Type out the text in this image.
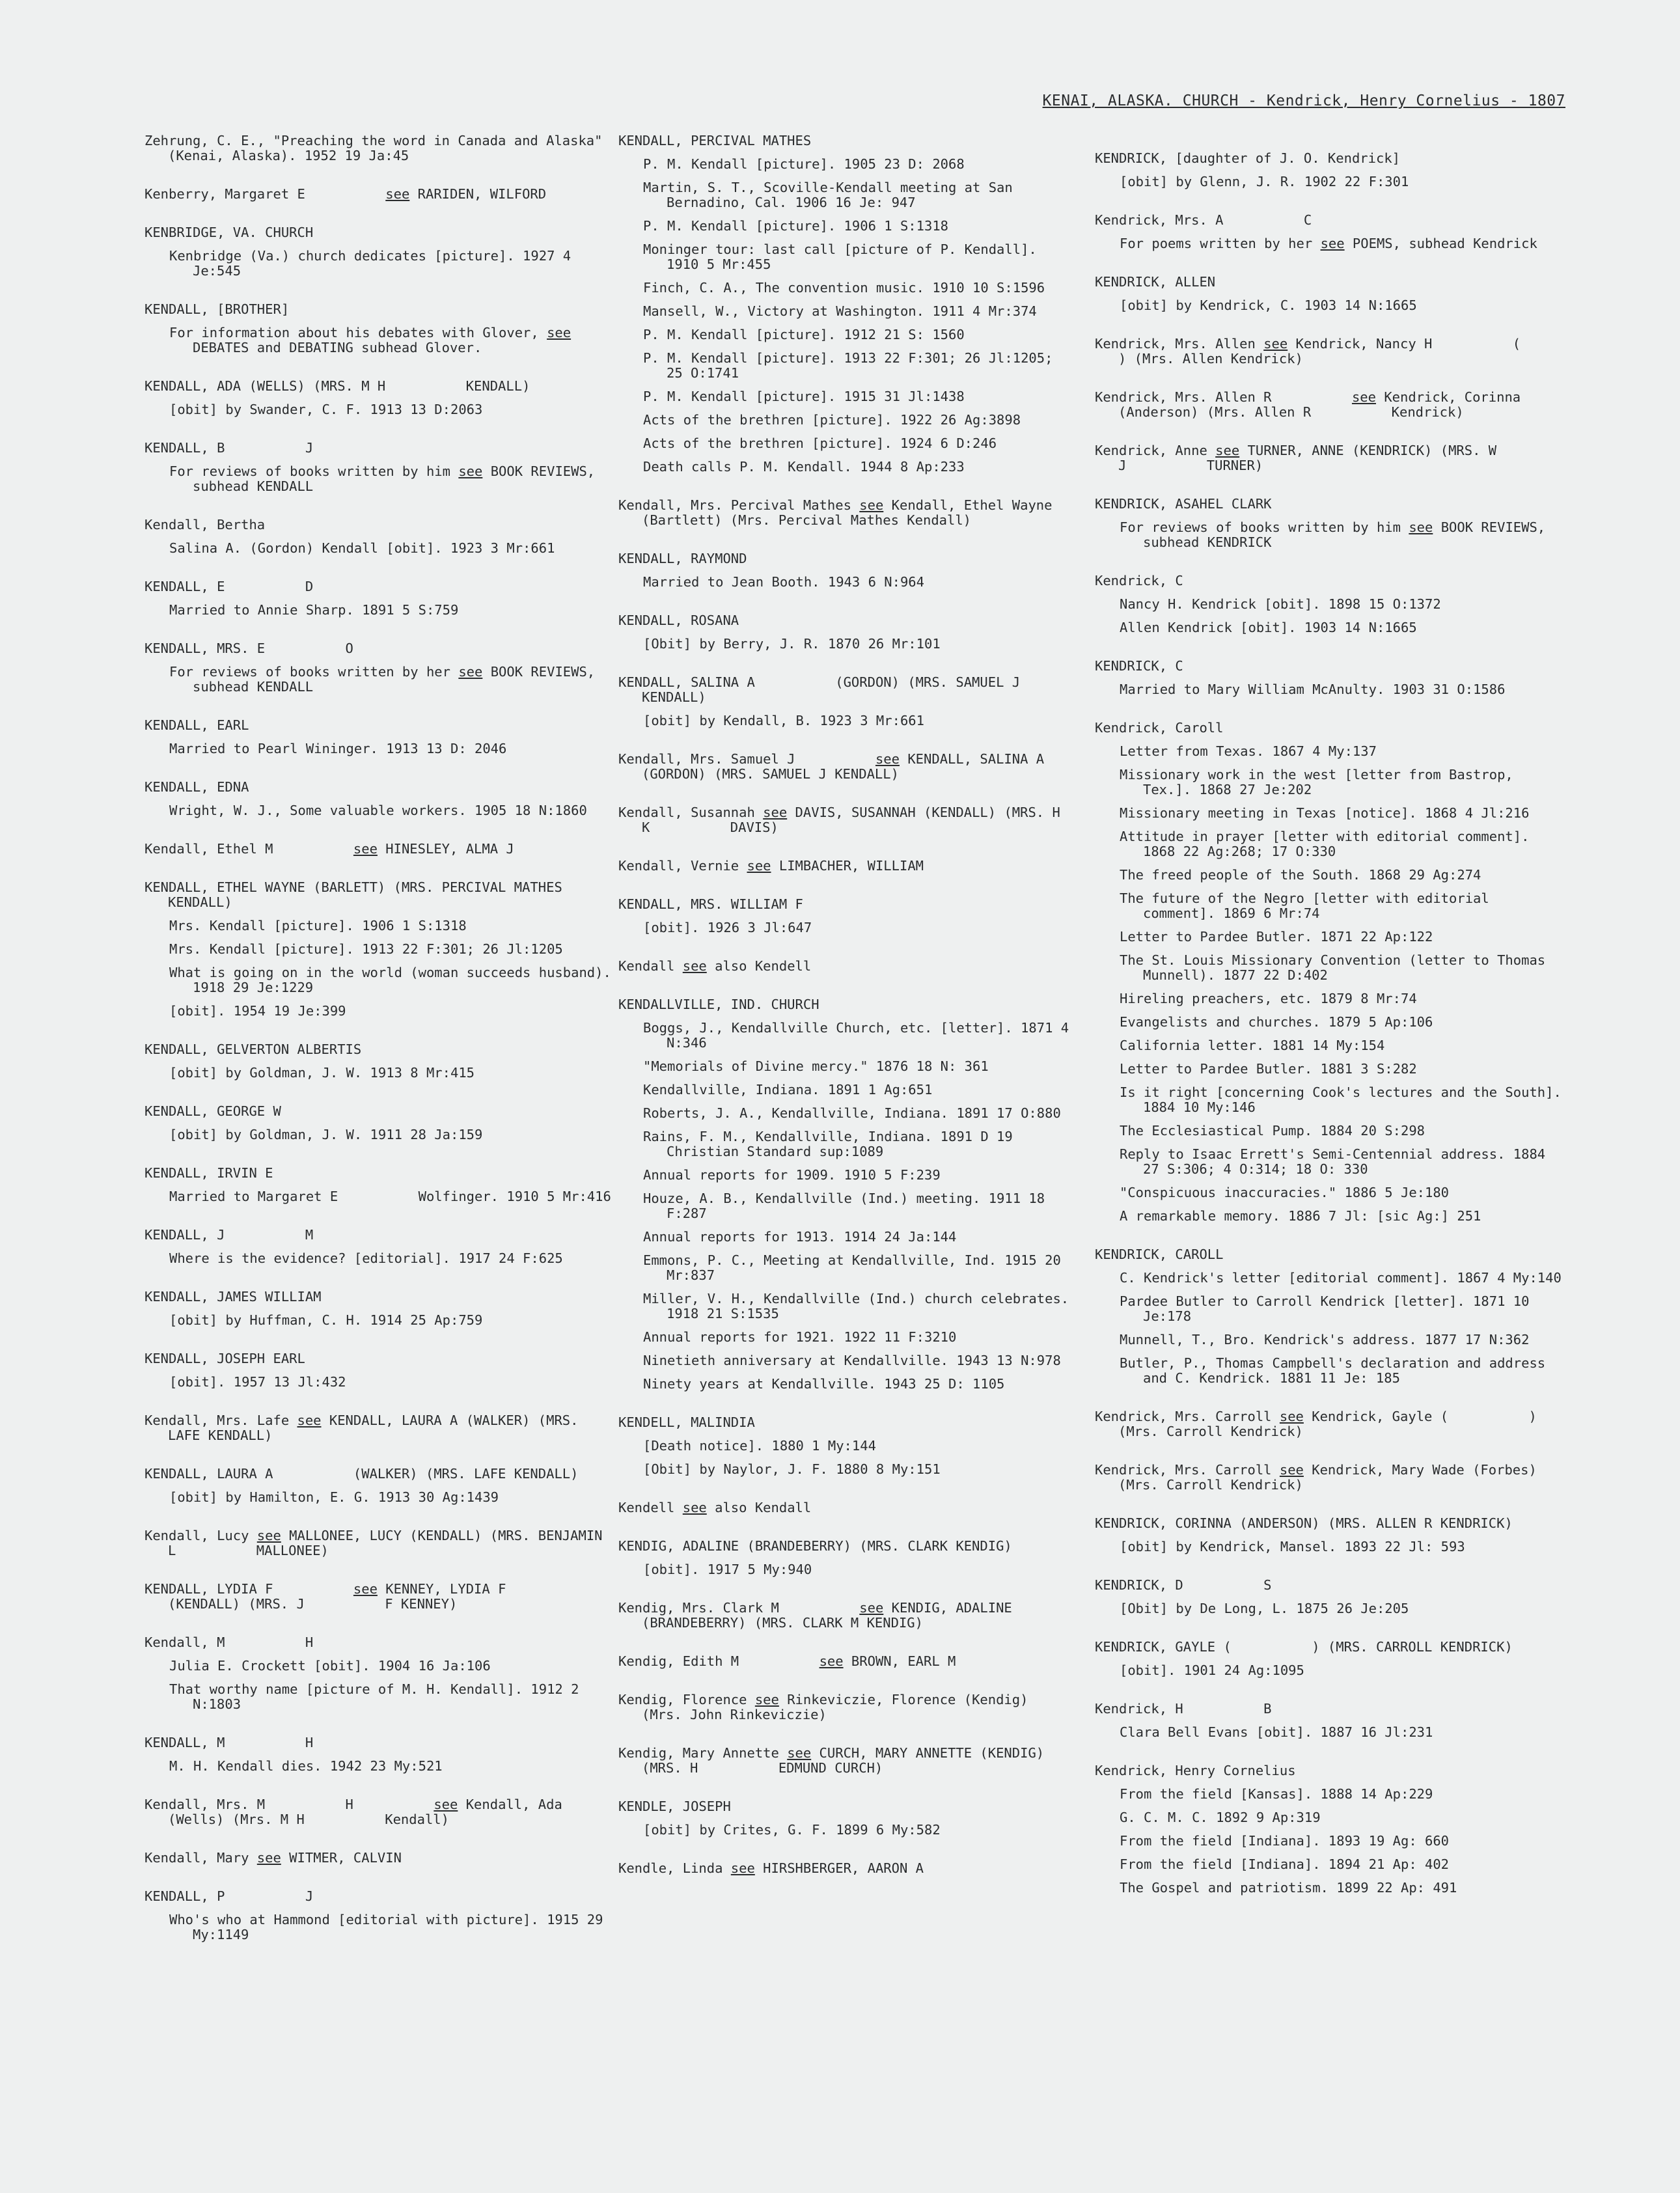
KENAI, ALASKA. CHURCH - Kendrick, Henry Cornelius - 1807
Zehrung, C. E., "Preaching the word in Canada and Alaska" (Kenai, Alaska). 1952 19 Ja:45
Kenberry, Margaret E          see RARIDEN, WILFORD
KENBRIDGE, VA. CHURCH
Kenbridge (Va.) church dedicates [picture]. 1927 4 Je:545
KENDALL, [BROTHER]
For information about his debates with Glover, see DEBATES and DEBATING subhead Glover.
KENDALL, ADA (WELLS) (MRS. M H          KENDALL)
[obit] by Swander, C. F. 1913 13 D:2063
KENDALL, B          J
For reviews of books written by him see BOOK REVIEWS, subhead KENDALL
Kendall, Bertha
Salina A. (Gordon) Kendall [obit]. 1923 3 Mr:661
KENDALL, E          D
Married to Annie Sharp. 1891 5 S:759
KENDALL, MRS. E          O
For reviews of books written by her see BOOK REVIEWS, subhead KENDALL
KENDALL, EARL
Married to Pearl Wininger. 1913 13 D: 2046
KENDALL, EDNA
Wright, W. J., Some valuable workers. 1905 18 N:1860
Kendall, Ethel M          see HINESLEY, ALMA J
KENDALL, ETHEL WAYNE (BARLETT) (MRS. PERCIVAL MATHES KENDALL)
Mrs. Kendall [picture]. 1906 1 S:1318
Mrs. Kendall [picture]. 1913 22 F:301; 26 Jl:1205
What is going on in the world (woman succeeds husband). 1918 29 Je:1229
[obit]. 1954 19 Je:399
KENDALL, GELVERTON ALBERTIS
[obit] by Goldman, J. W. 1913 8 Mr:415
KENDALL, GEORGE W
[obit] by Goldman, J. W. 1911 28 Ja:159
KENDALL, IRVIN E
Married to Margaret E          Wolfinger. 1910 5 Mr:416
KENDALL, J          M
Where is the evidence? [editorial]. 1917 24 F:625
KENDALL, JAMES WILLIAM
[obit] by Huffman, C. H. 1914 25 Ap:759
KENDALL, JOSEPH EARL
[obit]. 1957 13 Jl:432
Kendall, Mrs. Lafe see KENDALL, LAURA A (WALKER) (MRS. LAFE KENDALL)
KENDALL, LAURA A          (WALKER) (MRS. LAFE KENDALL)
[obit] by Hamilton, E. G. 1913 30 Ag:1439
Kendall, Lucy see MALLONEE, LUCY (KENDALL) (MRS. BENJAMIN L          MALLONEE)
KENDALL, LYDIA F          see KENNEY, LYDIA F          (KENDALL) (MRS. J          F KENNEY)
Kendall, M          H
Julia E. Crockett [obit]. 1904 16 Ja:106
That worthy name [picture of M. H. Kendall]. 1912 2 N:1803
KENDALL, M          H
M. H. Kendall dies. 1942 23 My:521
Kendall, Mrs. M          H          see Kendall, Ada (Wells) (Mrs. M H          Kendall)
Kendall, Mary see WITMER, CALVIN
KENDALL, P          J
Who's who at Hammond [editorial with picture]. 1915 29 My:1149
KENDALL, PERCIVAL MATHES
P. M. Kendall [picture]. 1905 23 D: 2068
Martin, S. T., Scoville-Kendall meeting at San Bernadino, Cal. 1906 16 Je: 947
P. M. Kendall [picture]. 1906 1 S:1318
Moninger tour: last call [picture of P. Kendall]. 1910 5 Mr:455
Finch, C. A., The convention music. 1910 10 S:1596
Mansell, W., Victory at Washington. 1911 4 Mr:374
P. M. Kendall [picture]. 1912 21 S: 1560
P. M. Kendall [picture]. 1913 22 F:301; 26 Jl:1205; 25 O:1741
P. M. Kendall [picture]. 1915 31 Jl:1438
Acts of the brethren [picture]. 1922 26 Ag:3898
Acts of the brethren [picture]. 1924 6 D:246
Death calls P. M. Kendall. 1944 8 Ap:233
Kendall, Mrs. Percival Mathes see Kendall, Ethel Wayne (Bartlett) (Mrs. Percival Mathes Kendall)
KENDALL, RAYMOND
Married to Jean Booth. 1943 6 N:964
KENDALL, ROSANA
[Obit] by Berry, J. R. 1870 26 Mr:101
KENDALL, SALINA A          (GORDON) (MRS. SAMUEL J          KENDALL)
[obit] by Kendall, B. 1923 3 Mr:661
Kendall, Mrs. Samuel J          see KENDALL, SALINA A          (GORDON) (MRS. SAMUEL J KENDALL)
Kendall, Susannah see DAVIS, SUSANNAH (KENDALL) (MRS. H          K          DAVIS)
Kendall, Vernie see LIMBACHER, WILLIAM
KENDALL, MRS. WILLIAM F
[obit]. 1926 3 Jl:647
Kendall see also Kendell
KENDALLVILLE, IND. CHURCH
Boggs, J., Kendallville Church, etc. [letter]. 1871 4 N:346
"Memorials of Divine mercy." 1876 18 N: 361
Kendallville, Indiana. 1891 1 Ag:651
Roberts, J. A., Kendallville, Indiana. 1891 17 O:880
Rains, F. M., Kendallville, Indiana. 1891 D 19 Christian Standard sup:1089
Annual reports for 1909. 1910 5 F:239
Houze, A. B., Kendallville (Ind.) meeting. 1911 18 F:287
Annual reports for 1913. 1914 24 Ja:144
Emmons, P. C., Meeting at Kendallville, Ind. 1915 20 Mr:837
Miller, V. H., Kendallville (Ind.) church celebrates. 1918 21 S:1535
Annual reports for 1921. 1922 11 F:3210
Ninetieth anniversary at Kendallville. 1943 13 N:978
Ninety years at Kendallville. 1943 25 D: 1105
KENDELL, MALINDIA
[Death notice]. 1880 1 My:144
[Obit] by Naylor, J. F. 1880 8 My:151
Kendell see also Kendall
KENDIG, ADALINE (BRANDEBERRY) (MRS. CLARK KENDIG)
[obit]. 1917 5 My:940
Kendig, Mrs. Clark M          see KENDIG, ADALINE (BRANDEBERRY) (MRS. CLARK M KENDIG)
Kendig, Edith M          see BROWN, EARL M
Kendig, Florence see Rinkeviczie, Florence (Kendig) (Mrs. John Rinkeviczie)
Kendig, Mary Annette see CURCH, MARY ANNETTE (KENDIG) (MRS. H          EDMUND CURCH)
KENDLE, JOSEPH
[obit] by Crites, G. F. 1899 6 My:582
Kendle, Linda see HIRSHBERGER, AARON A
KENDRICK, [daughter of J. O. Kendrick]
[obit] by Glenn, J. R. 1902 22 F:301
Kendrick, Mrs. A          C
For poems written by her see POEMS, subhead Kendrick
KENDRICK, ALLEN
[obit] by Kendrick, C. 1903 14 N:1665
Kendrick, Mrs. Allen see Kendrick, Nancy H          (          ) (Mrs. Allen Kendrick)
Kendrick, Mrs. Allen R          see Kendrick, Corinna (Anderson) (Mrs. Allen R          Kendrick)
Kendrick, Anne see TURNER, ANNE (KENDRICK) (MRS. W          J          TURNER)
KENDRICK, ASAHEL CLARK
For reviews of books written by him see BOOK REVIEWS, subhead KENDRICK
Kendrick, C
Nancy H. Kendrick [obit]. 1898 15 O:1372
Allen Kendrick [obit]. 1903 14 N:1665
KENDRICK, C
Married to Mary William McAnulty. 1903 31 O:1586
Kendrick, Caroll
Letter from Texas. 1867 4 My:137
Missionary work in the west [letter from Bastrop, Tex.]. 1868 27 Je:202
Missionary meeting in Texas [notice]. 1868 4 Jl:216
Attitude in prayer [letter with editorial comment]. 1868 22 Ag:268; 17 O:330
The freed people of the South. 1868 29 Ag:274
The future of the Negro [letter with editorial comment]. 1869 6 Mr:74
Letter to Pardee Butler. 1871 22 Ap:122
The St. Louis Missionary Convention (letter to Thomas Munnell). 1877 22 D:402
Hireling preachers, etc. 1879 8 Mr:74
Evangelists and churches. 1879 5 Ap:106
California letter. 1881 14 My:154
Letter to Pardee Butler. 1881 3 S:282
Is it right [concerning Cook's lectures and the South]. 1884 10 My:146
The Ecclesiastical Pump. 1884 20 S:298
Reply to Isaac Errett's Semi-Centennial address. 1884 27 S:306; 4 O:314; 18 O: 330
"Conspicuous inaccuracies." 1886 5 Je:180
A remarkable memory. 1886 7 Jl: [sic Ag:] 251
KENDRICK, CAROLL
C. Kendrick's letter [editorial comment]. 1867 4 My:140
Pardee Butler to Carroll Kendrick [letter]. 1871 10 Je:178
Munnell, T., Bro. Kendrick's address. 1877 17 N:362
Butler, P., Thomas Campbell's declaration and address and C. Kendrick. 1881 11 Je: 185
Kendrick, Mrs. Carroll see Kendrick, Gayle (          ) (Mrs. Carroll Kendrick)
Kendrick, Mrs. Carroll see Kendrick, Mary Wade (Forbes) (Mrs. Carroll Kendrick)
KENDRICK, CORINNA (ANDERSON) (MRS. ALLEN R KENDRICK)
[obit] by Kendrick, Mansel. 1893 22 Jl: 593
KENDRICK, D          S
[Obit] by De Long, L. 1875 26 Je:205
KENDRICK, GAYLE (          ) (MRS. CARROLL KENDRICK)
[obit]. 1901 24 Ag:1095
Kendrick, H          B
Clara Bell Evans [obit]. 1887 16 Jl:231
Kendrick, Henry Cornelius
From the field [Kansas]. 1888 14 Ap:229
G. C. M. C. 1892 9 Ap:319
From the field [Indiana]. 1893 19 Ag: 660
From the field [Indiana]. 1894 21 Ap: 402
The Gospel and patriotism. 1899 22 Ap: 491
